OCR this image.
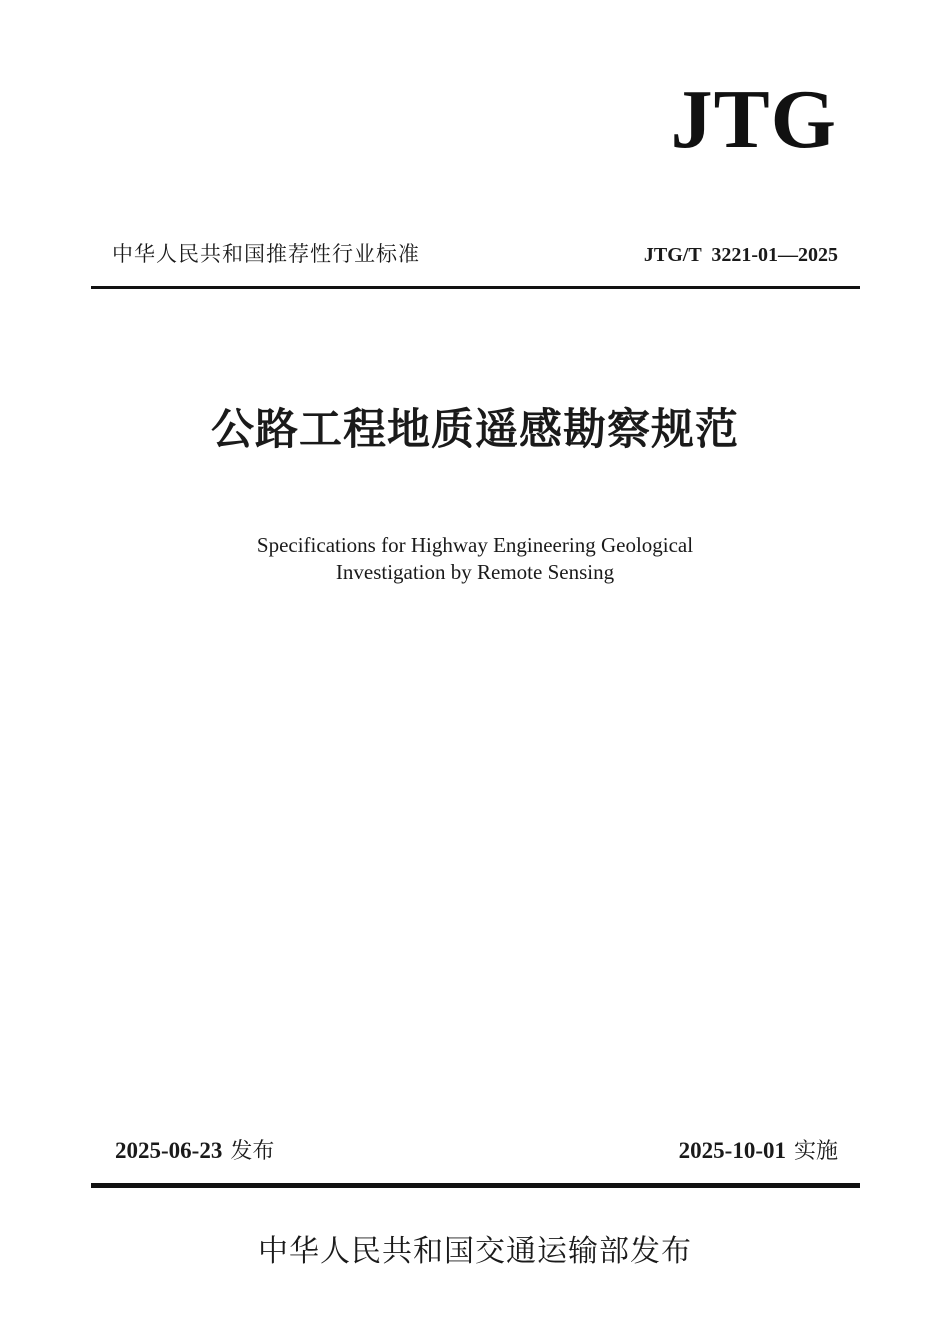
JTG
中华人民共和国推荐性行业标准	JTG/T  3221-01—2025
公路工程地质遥感勘察规范
Specifications for Highway Engineering Geological
Investigation by Remote Sensing
2025-06-23 发布	2025-10-01 实施
中华人民共和国交通运输部发布
